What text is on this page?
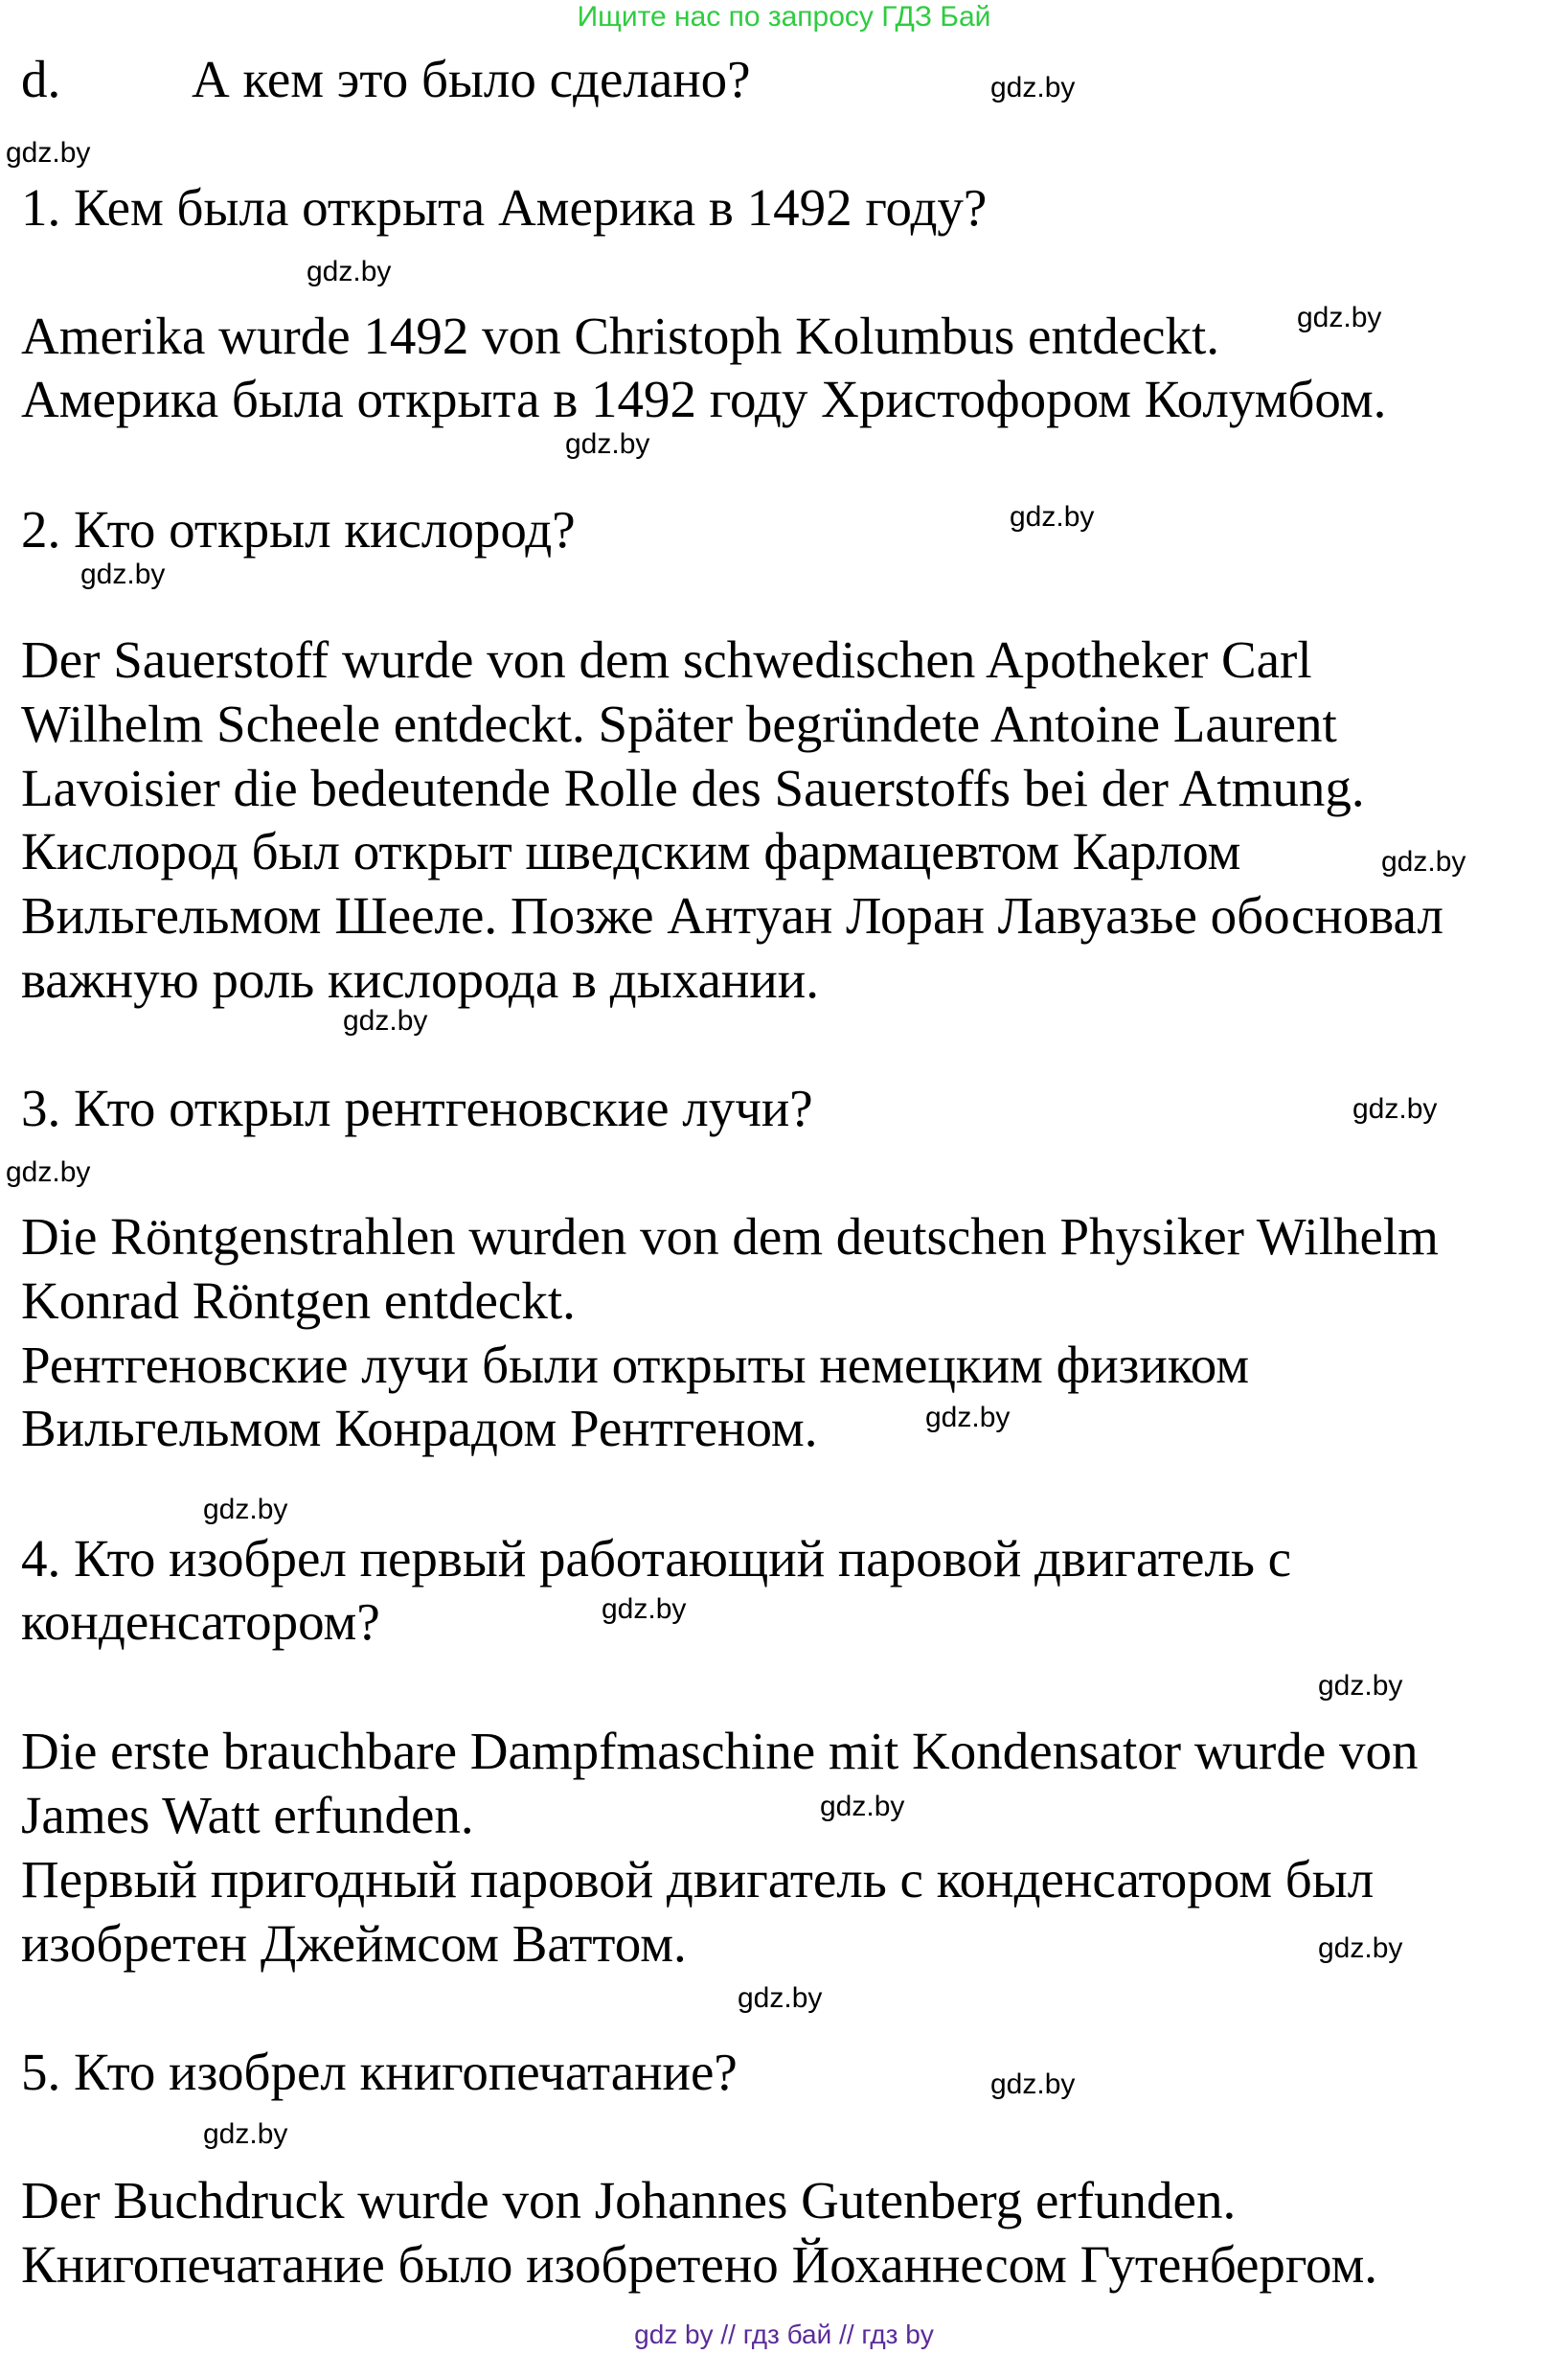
Ищите нас по запросу ГДЗ Бай
d. А кем это было сделано?
1. Кем была открыта Америка в 1492 году?
Amerika wurde 1492 von Christoph Kolumbus entdeckt.
Америка была открыта в 1492 году Христофором Колумбом.
2. Кто открыл кислород?
Der Sauerstoff wurde von dem schwedischen Apotheker Carl
Wilhelm Scheele entdeckt. Später begründete Antoine Laurent
Lavoisier die bedeutende Rolle des Sauerstoffs bei der Atmung.
Кислород был открыт шведским фармацевтом Карлом
Вильгельмом Шееле. Позже Антуан Лоран Лавуазье обосновал
важную роль кислорода в дыхании.
3. Кто открыл рентгеновские лучи?
Die Röntgenstrahlen wurden von dem deutschen Physiker Wilhelm
Konrad Röntgen entdeckt.
Рентгеновские лучи были открыты немецким физиком
Вильгельмом Конрадом Рентгеном.
4. Кто изобрел первый работающий паровой двигатель с
конденсатором?
Die erste brauchbare Dampfmaschine mit Kondensator wurde von
James Watt erfunden.
Первый пригодный паровой двигатель с конденсатором был
изобретен Джеймсом Ваттом.
5. Кто изобрел книгопечатание?
Der Buchdruck wurde von Johannes Gutenberg erfunden.
Книгопечатание было изобретено Йоханнесом Гутенбергом.
gdz.by
gdz.by
gdz.by
gdz.by
gdz.by
gdz.by
gdz.by
gdz.by
gdz.by
gdz.by
gdz.by
gdz.by
gdz.by
gdz.by
gdz.by
gdz.by
gdz.by
gdz.by
gdz.by
gdz.by
gdz by // гдз бай // гдз by
